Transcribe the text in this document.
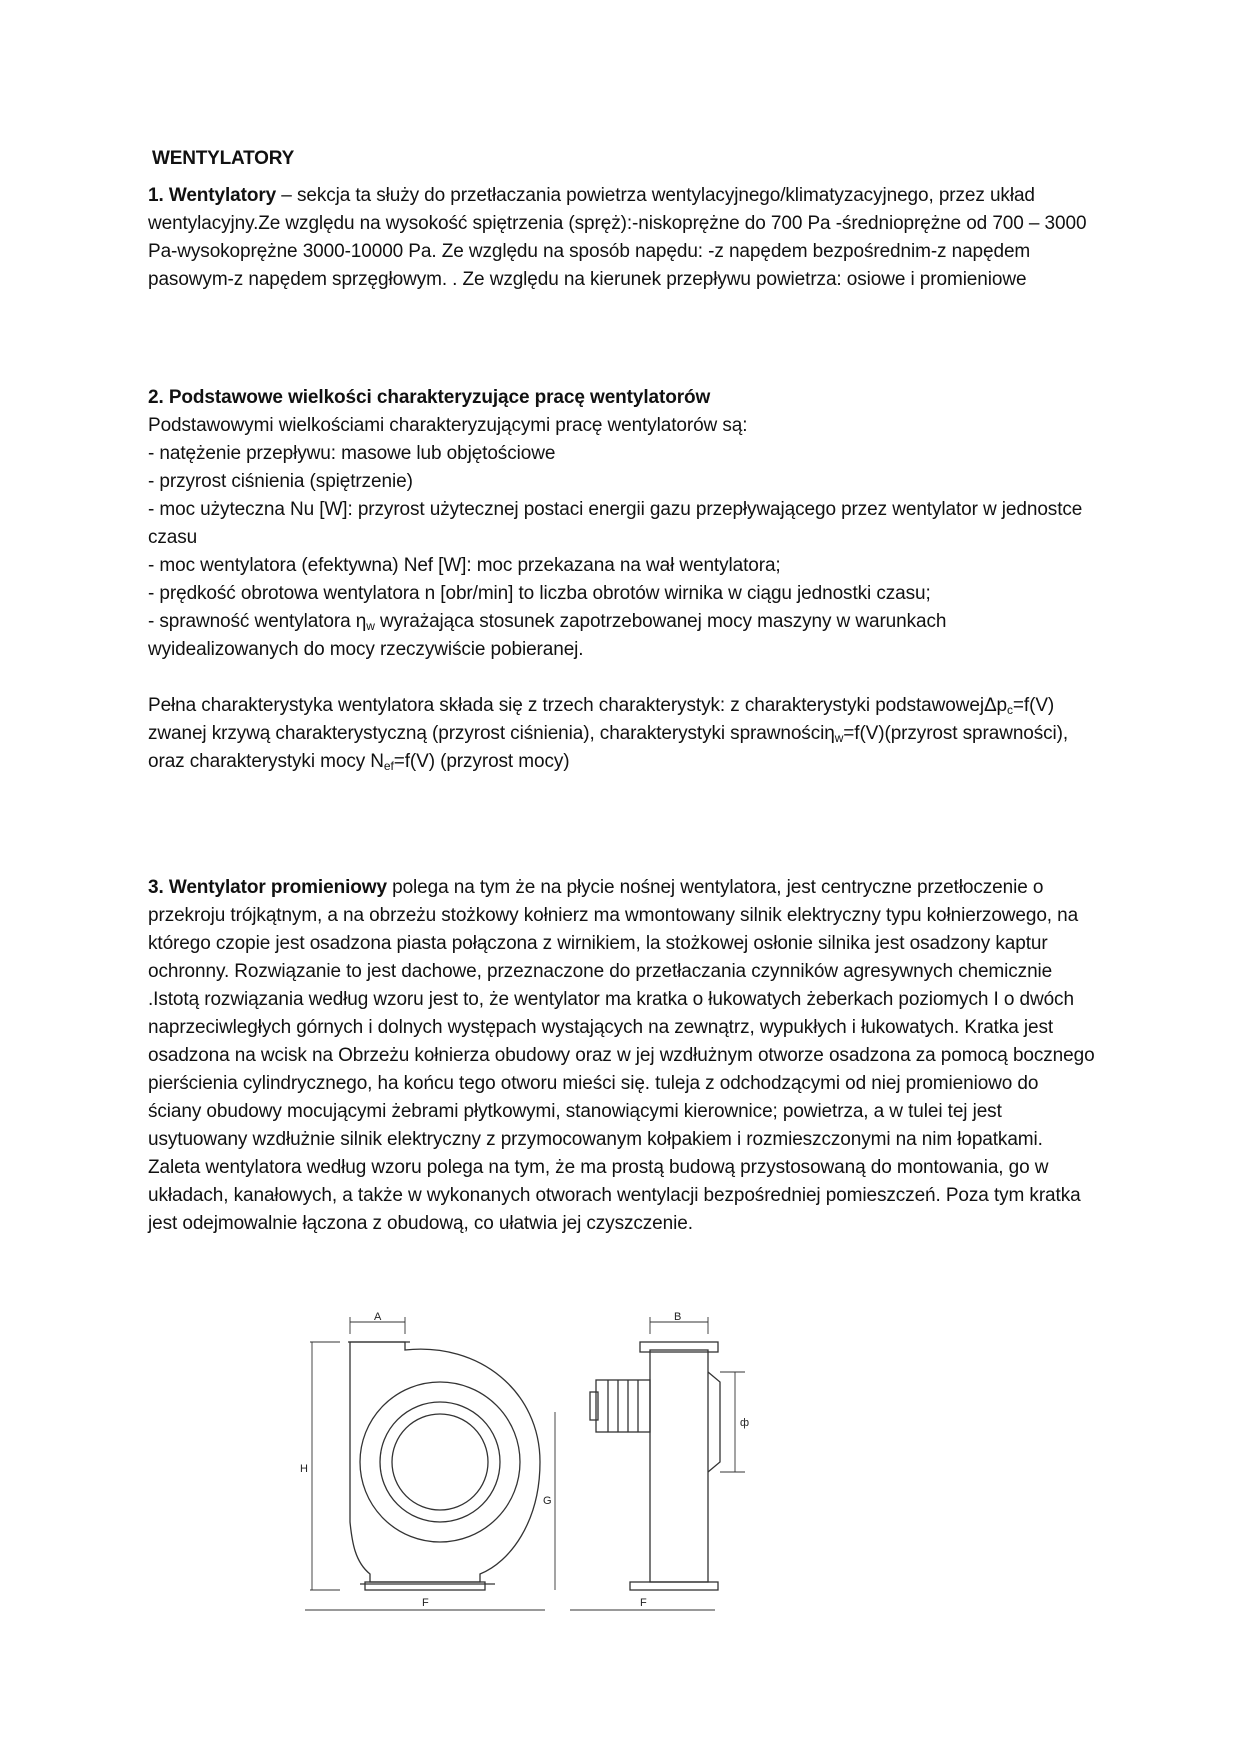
WENTYLATORY

1. Wentylatory – sekcja ta służy do przetłaczania powietrza wentylacyjnego/klimatyzacyjnego, przez układ wentylacyjny.Ze względu na wysokość spiętrzenia (spręż):-niskoprężne do 700 Pa -średnioprężne od 700 – 3000 Pa-wysokoprężne 3000-10000 Pa. Ze względu na sposób napędu: -z napędem bezpośrednim-z napędem pasowym-z napędem sprzęgłowym. . Ze względu na kierunek przepływu powietrza: osiowe i promieniowe

2. Podstawowe wielkości charakteryzujące pracę wentylatorów

Podstawowymi wielkościami charakteryzującymi pracę wentylatorów są:

- natężenie przepływu: masowe lub objętościowe

- przyrost ciśnienia (spiętrzenie)

- moc użyteczna Nu [W]: przyrost użytecznej postaci energii gazu przepływającego przez wentylator w jednostce czasu

- moc wentylatora (efektywna) Nef [W]: moc przekazana na wał wentylatora;

- prędkość obrotowa wentylatora n [obr/min] to liczba obrotów wirnika w ciągu jednostki czasu;

- sprawność wentylatora $\eta_w$ wyrażająca stosunek zapotrzebowanej mocy maszyny w warunkach wyidealizowanych do mocy rzeczywiście pobieranej.

Pełna charakterystyka wentylatora składa się z trzech charakterystyk: z charakterystyki podstawowejΔp$_c$=f(V) zwanej krzywą charakterystyczną (przyrost ciśnienia), charakterystyki sprawnościη$_w$=f(V)(przyrost sprawności), oraz charakterystyki mocy $N_{ef}=f(V)$ (przyrost mocy)

3. Wentylator promieniowy polega na tym że na płycie nośnej wentylatora, jest centryczne przetłoczenie o przekroju trójkątnym, a na obrzeżu stożkowy kołnierz ma wmontowany silnik elektryczny typu kołnierzowego, na którego czopie jest osadzona piasta połączona z wirnikiem, la stożkowej osłonie silnika jest osadzony kaptur ochronny. Rozwiązanie to jest dachowe, przeznaczone do przetłaczania czynników agresywnych chemicznie .Istotą rozwiązania według wzoru jest to, że wentylator ma kratka o łukowatych żeberkach poziomych I o dwóch naprzeciwległych górnych i dolnych występach wystających na zewnątrz, wypukłych i łukowatych. Kratka jest osadzona na wcisk na Obrzeżu kołnierza obudowy oraz w jej wzdłużnym otworze osadzona za pomocą bocznego pierścienia cylindrycznego, ha końcu tego otworu mieści się. tuleja z odchodzącymi od niej promieniowo do ściany obudowy mocującymi żebrami płytkowymi, stanowiącymi kierownice; powietrza, a w tulei tej jest usytuowany wzdłużnie silnik elektryczny z przymocowanym kołpakiem i rozmieszczonymi na nim łopatkami. Zaleta wentylatora według wzoru polega na tym, że ma prostą budową przystosowaną do montowania, go w układach, kanałowych, a także w wykonanych otworach wentylacji bezpośredniej pomieszczeń. Poza tym kratka jest odejmowalnie łączona z obudową, co ułatwia jej czyszczenie.

A
H
F
B
G
ф
F
